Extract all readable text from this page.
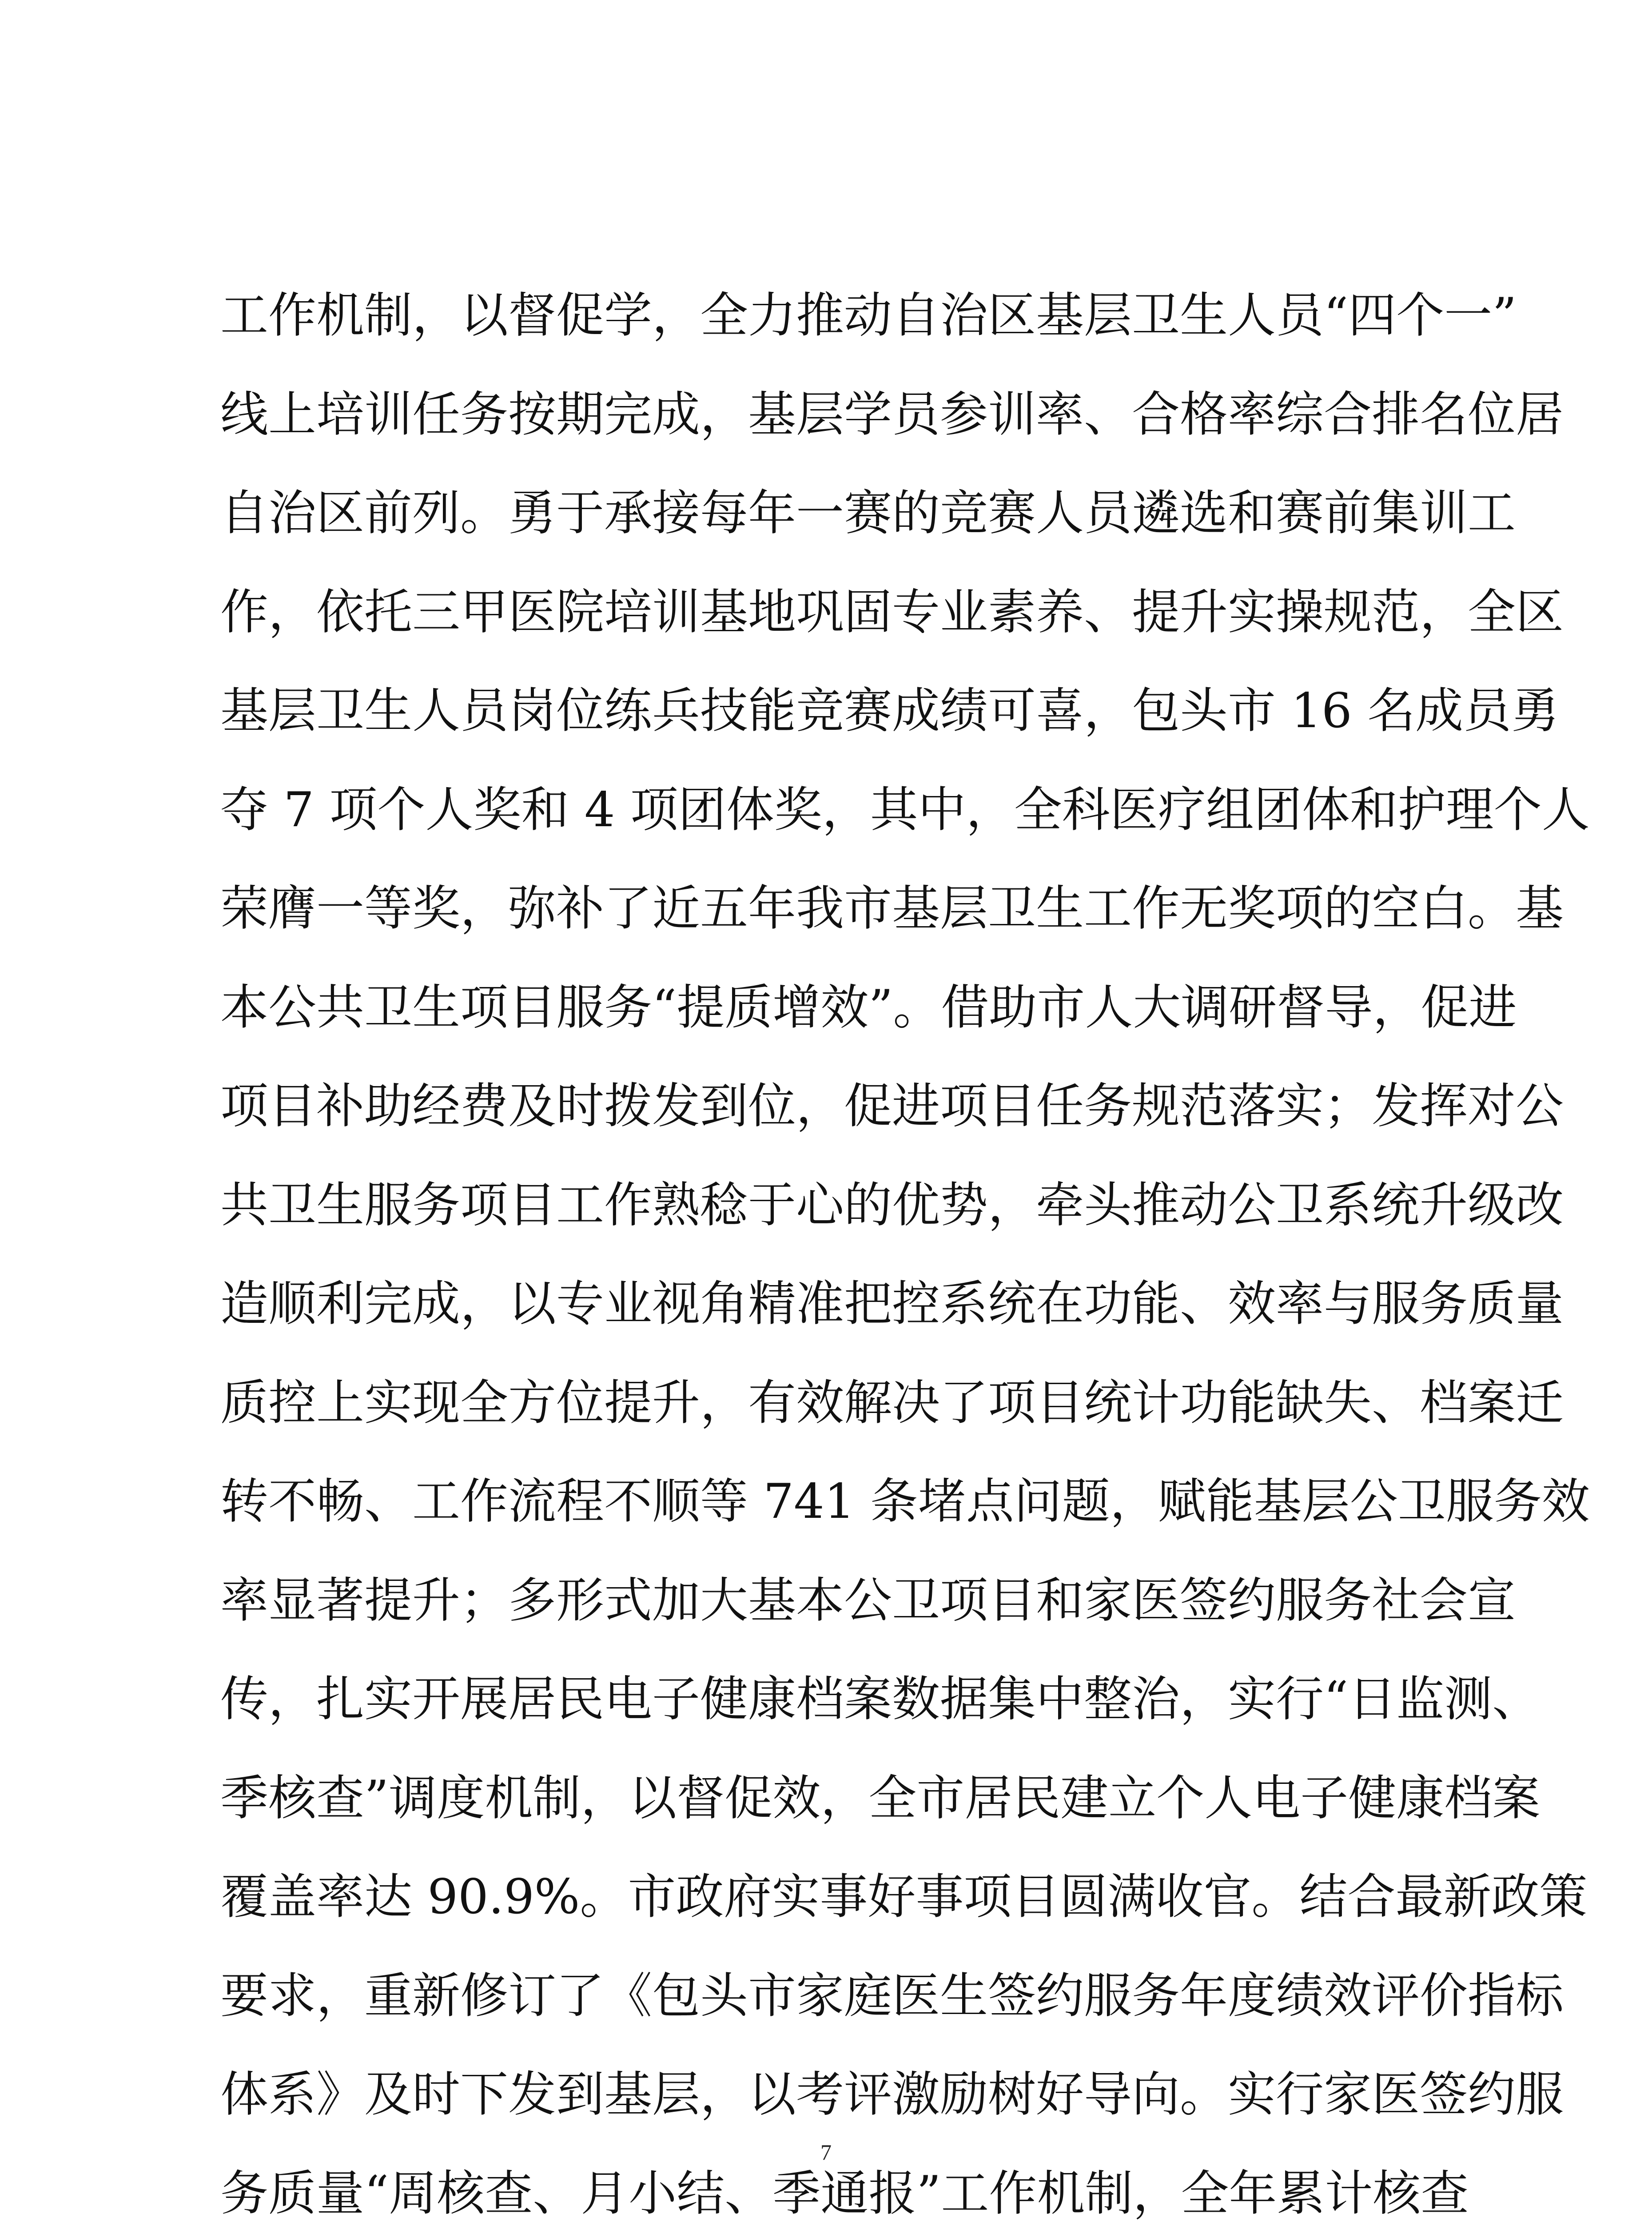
工作机制，以督促学，全力推动自治区基层卫生人员“四个一”
线上培训任务按期完成，基层学员参训率、合格率综合排名位居
自治区前列。勇于承接每年一赛的竞赛人员遴选和赛前集训工
作，依托三甲医院培训基地巩固专业素养、提升实操规范，全区
基层卫生人员岗位练兵技能竞赛成绩可喜，包头市 16 名成员勇
夺 7 项个人奖和 4 项团体奖，其中，全科医疗组团体和护理个人
荣膺一等奖，弥补了近五年我市基层卫生工作无奖项的空白。基
本公共卫生项目服务“提质增效”。借助市人大调研督导，促进
项目补助经费及时拨发到位，促进项目任务规范落实；发挥对公
共卫生服务项目工作熟稔于心的优势，牵头推动公卫系统升级改
造顺利完成，以专业视角精准把控系统在功能、效率与服务质量
质控上实现全方位提升，有效解决了项目统计功能缺失、档案迁
转不畅、工作流程不顺等 741 条堵点问题，赋能基层公卫服务效
率显著提升；多形式加大基本公卫项目和家医签约服务社会宣
传，扎实开展居民电子健康档案数据集中整治，实行“日监测、
季核查”调度机制，以督促效，全市居民建立个人电子健康档案
覆盖率达 90.9%。市政府实事好事项目圆满收官。结合最新政策
要求，重新修订了《包头市家庭医生签约服务年度绩效评价指标
体系》及时下发到基层，以考评激励树好导向。实行家医签约服
务质量“周核查、月小结、季通报”工作机制，全年累计核查
7
